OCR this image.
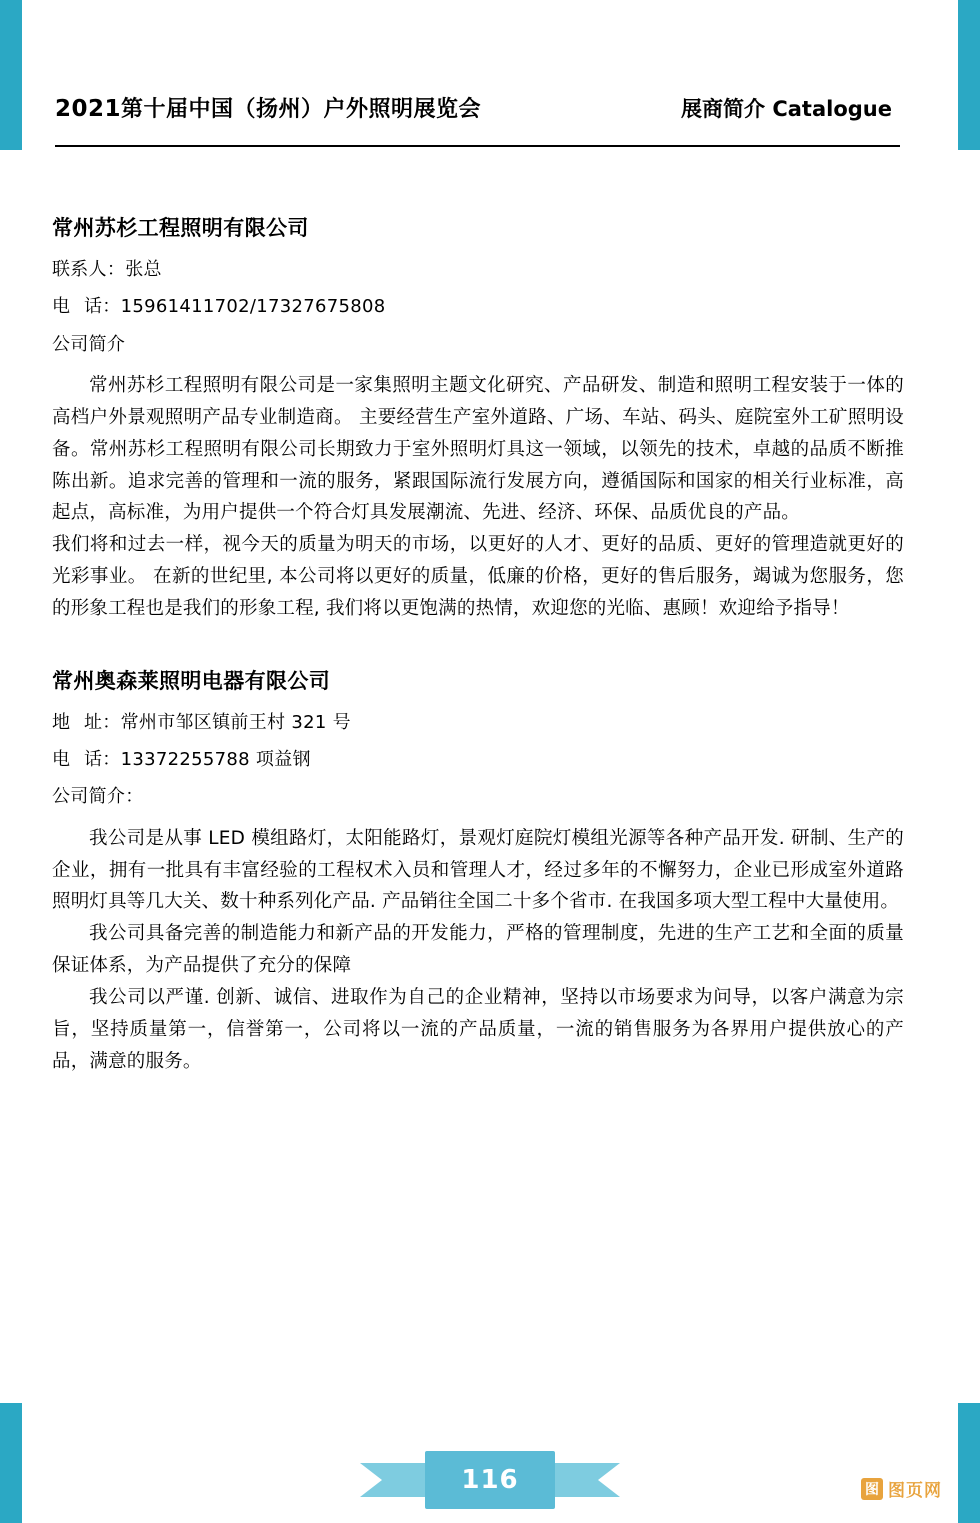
2021第十届中国（扬州）户外照明展览会	展商简介 Catalogue
常州苏杉工程照明有限公司
联系人：张总
电话：15961411702/17327675808
公司简介

常州苏杉工程照明有限公司是一家集照明主题文化研究、产品研发、制造和照明工程安装于一体的高档户外景观照明产品专业制造商。 主要经营生产室外道路、广场、车站、码头、庭院室外工矿照明设备。常州苏杉工程照明有限公司长期致力于室外照明灯具这一领域，以领先的技术，卓越的品质不断推陈出新。追求完善的管理和一流的服务，紧跟国际流行发展方向，遵循国际和国家的相关行业标准，高起点，高标准，为用户提供一个符合灯具发展潮流、先进、经济、环保、品质优良的产品。

我们将和过去一样，视今天的质量为明天的市场，以更好的人才、更好的品质、更好的管理造就更好的光彩事业。 在新的世纪里, 本公司将以更好的质量，低廉的价格，更好的售后服务，竭诚为您服务，您的形象工程也是我们的形象工程, 我们将以更饱满的热情，欢迎您的光临、惠顾！欢迎给予指导！

常州奥森莱照明电器有限公司
地址：常州市邹区镇前王村 321 号
电话：13372255788 项益钢
公司简介：

我公司是从事 LED 模组路灯，太阳能路灯，景观灯庭院灯模组光源等各种产品开发. 研制、生产的企业，拥有一批具有丰富经验的工程权术入员和管理人才，经过多年的不懈努力，企业已形成室外道路照明灯具等几大关、数十种系列化产品. 产品销往全国二十多个省市. 在我国多项大型工程中大量使用。

我公司具备完善的制造能力和新产品的开发能力，严格的管理制度，先进的生产工艺和全面的质量保证体系，为产品提供了充分的保障

我公司以严谨. 创新、诚信、进取作为自己的企业精神，坚持以市场要求为问导，以客户满意为宗旨，坚持质量第一，信誉第一，公司将以一流的产品质量，一流的销售服务为各界用户提供放心的产品，满意的服务。

116	图 图页网
